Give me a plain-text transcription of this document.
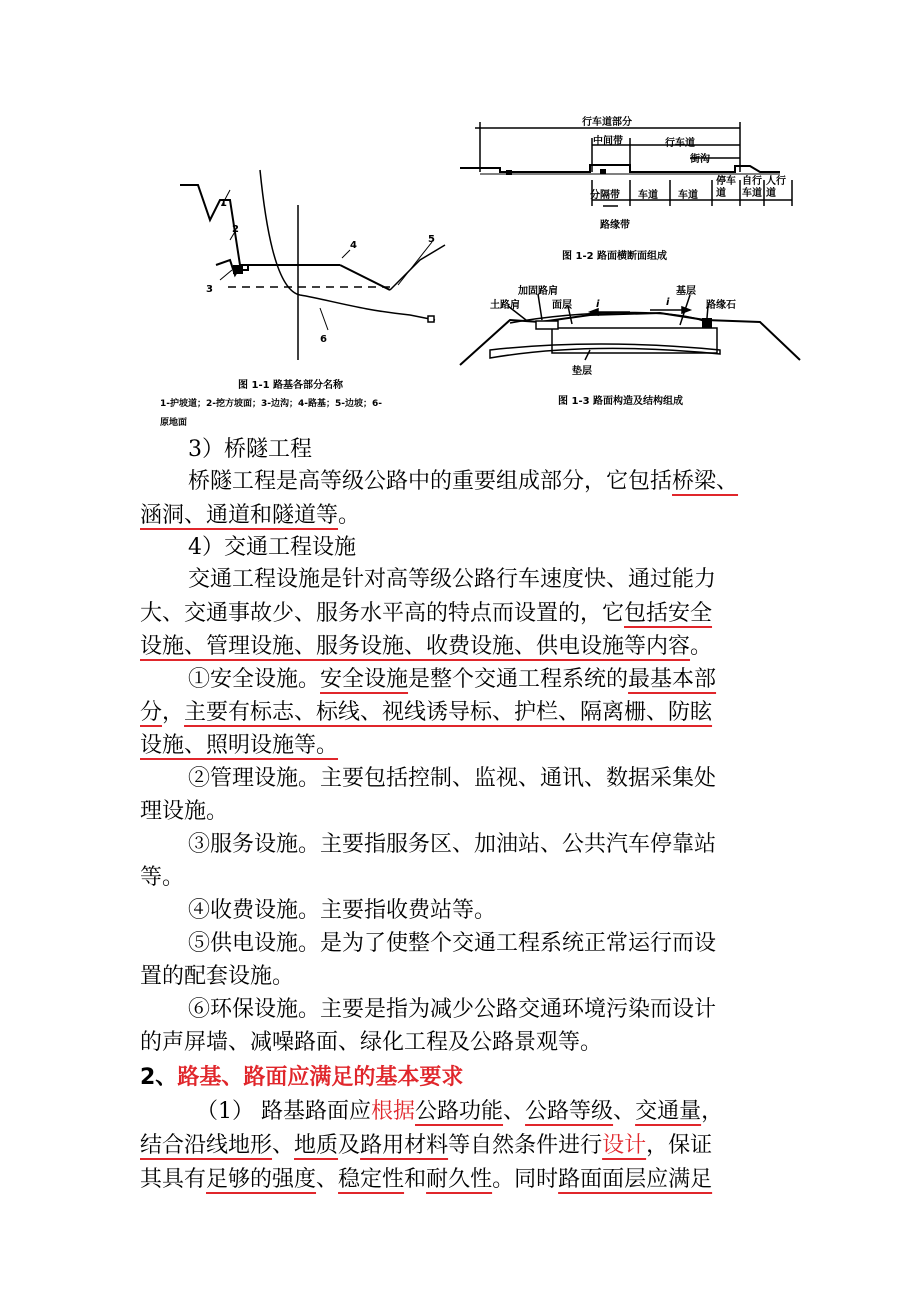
1
2
3
4
5
6
图 1-1 路基各部分名称
1-护坡道；2-挖方坡面；3-边沟；4-路基；5-边坡；6-
原地面
行车道部分
中间带	行车道
街沟
分隔带 车道 车道
停车道
自行车道
人行道
路缘带
图 1-2 路面横断面组成
加固路肩
土路肩	面层
基层
路缘石
i	i
垫层
图 1-3 路面构造及结构组成
3）桥隧工程
桥隧工程是高等级公路中的重要组成部分，它包括桥梁、
涵洞、通道和隧道等。
4）交通工程设施
交通工程设施是针对高等级公路行车速度快、通过能力
大、交通事故少、服务水平高的特点而设置的，它包括安全
设施、管理设施、服务设施、收费设施、供电设施等内容。
①安全设施。安全设施是整个交通工程系统的最基本部
分，主要有标志、标线、视线诱导标、护栏、隔离栅、防眩
设施、照明设施等。
②管理设施。主要包括控制、监视、通讯、数据采集处
理设施。
③服务设施。主要指服务区、加油站、公共汽车停靠站
等。
④收费设施。主要指收费站等。
⑤供电设施。是为了使整个交通工程系统正常运行而设
置的配套设施。
⑥环保设施。主要是指为减少公路交通环境污染而设计
的声屏墙、减噪路面、绿化工程及公路景观等。
2、路基、路面应满足的基本要求
（1） 路基路面应根据公路功能、公路等级、交通量，
结合沿线地形、地质及路用材料等自然条件进行设计，保证
其具有足够的强度、稳定性和耐久性。同时路面面层应满足
